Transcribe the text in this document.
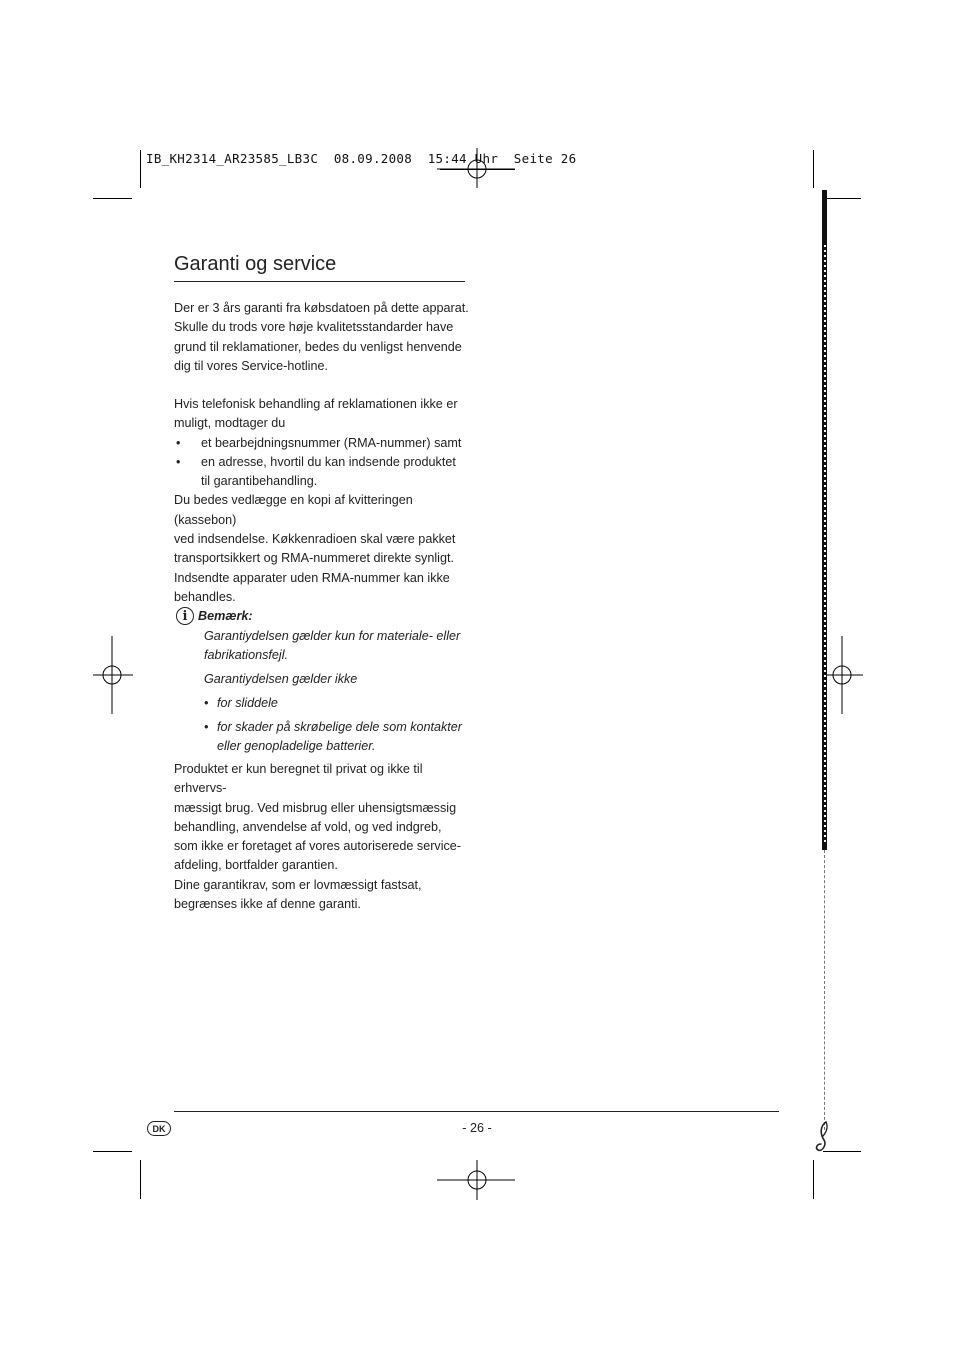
IB_KH2314_AR23585_LB3C  08.09.2008  15:44 Uhr  Seite 26
Garanti og service
Der er 3 års garanti fra købsdatoen på dette apparat.
Skulle du trods vore høje kvalitetsstandarder have
grund til reklamationer, bedes du venligst henvende
dig til vores Service-hotline.
Hvis telefonisk behandling af reklamationen ikke er
muligt, modtager du
• et bearbejdningsnummer (RMA-nummer) samt
• en adresse, hvortil du kan indsende produktet
til garantibehandling.
Du bedes vedlægge en kopi af kvitteringen (kassebon)
ved indsendelse. Køkkenradioen skal være pakket
transportsikkert og RMA-nummeret direkte synligt.
Indsendte apparater uden RMA-nummer kan ikke
behandles.
i Bemærk:
Garantiydelsen gælder kun for materiale- eller
fabrikationsfejl.
Garantiydelsen gælder ikke
• for sliddele
• for skader på skrøbelige dele som kontakter
eller genopladelige batterier.
Produktet er kun beregnet til privat og ikke til erhvervs-
mæssigt brug. Ved misbrug eller uhensigtsmæssig
behandling, anvendelse af vold, og ved indgreb,
som ikke er foretaget af vores autoriserede service-
afdeling, bortfalder garantien.
Dine garantikrav, som er lovmæssigt fastsat,
begrænses ikke af denne garanti.
DK	- 26 -
